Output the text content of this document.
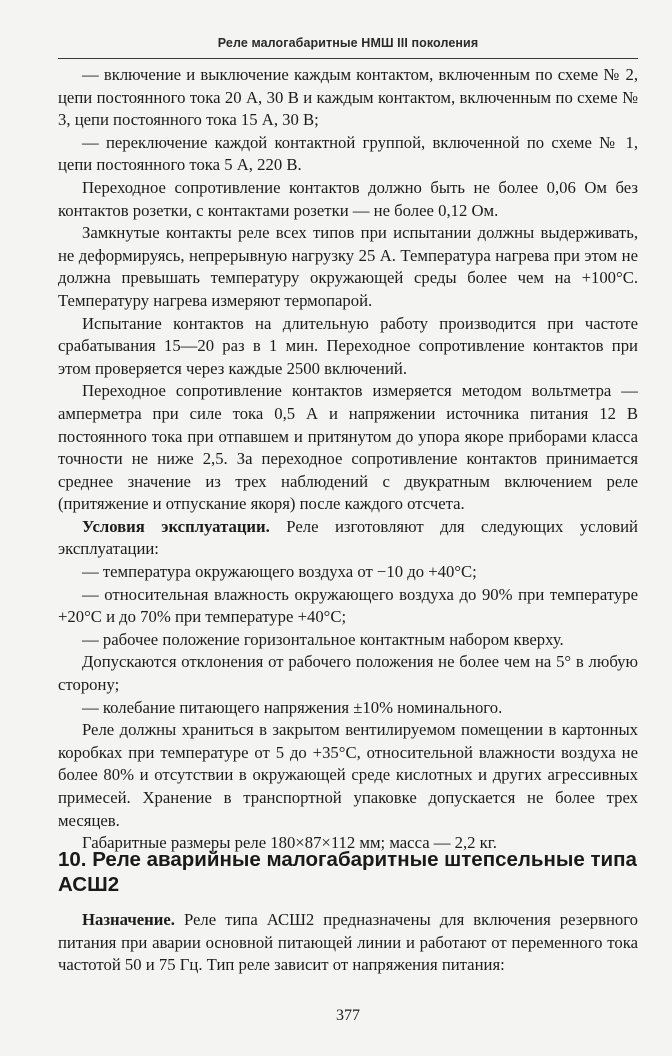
Реле малогабаритные НМШ III поколения

— включение и выключение каждым контактом, включенным по схеме № 2, цепи постоянного тока 20 А, 30 В и каждым контактом, включенным по схеме № 3, цепи постоянного тока 15 А, 30 В;

— переключение каждой контактной группой, включенной по схеме № 1, цепи постоянного тока 5 А, 220 В.

Переходное сопротивление контактов должно быть не более 0,06 Ом без контактов розетки, с контактами розетки — не более 0,12 Ом.

Замкнутые контакты реле всех типов при испытании должны выдерживать, не деформируясь, непрерывную нагрузку 25 А. Температура нагрева при этом не должна превышать температуру окружающей среды более чем на +100°С. Температуру нагрева измеряют термопарой.

Испытание контактов на длительную работу производится при частоте срабатывания 15—20 раз в 1 мин. Переходное сопротивление контактов при этом проверяется через каждые 2500 включений.

Переходное сопротивление контактов измеряется методом вольтметра — амперметра при силе тока 0,5 А и напряжении источника питания 12 В постоянного тока при отпавшем и притянутом до упора якоре приборами класса точности не ниже 2,5. За переходное сопротивление контактов принимается среднее значение из трех наблюдений с двукратным включением реле (притяжение и отпускание якоря) после каждого отсчета.

Условия эксплуатации. Реле изготовляют для следующих условий эксплуатации:

— температура окружающего воздуха от −10 до +40°С;

— относительная влажность окружающего воздуха до 90% при температуре +20°С и до 70% при температуре +40°С;

— рабочее положение горизонтальное контактным набором кверху.

Допускаются отклонения от рабочего положения не более чем на 5° в любую сторону;

— колебание питающего напряжения ±10% номинального.

Реле должны храниться в закрытом вентилируемом помещении в картонных коробках при температуре от 5 до +35°С, относительной влажности воздуха не более 80% и отсутствии в окружающей среде кислотных и других агрессивных примесей. Хранение в транспортной упаковке допускается не более трех месяцев.

Габаритные размеры реле 180×87×112 мм; масса — 2,2 кг.

10. Реле аварийные малогабаритные штепсельные типа АСШ2

Назначение. Реле типа АСШ2 предназначены для включения резервного питания при аварии основной питающей линии и работают от переменного тока частотой 50 и 75 Гц. Тип реле зависит от напряжения питания:

377
